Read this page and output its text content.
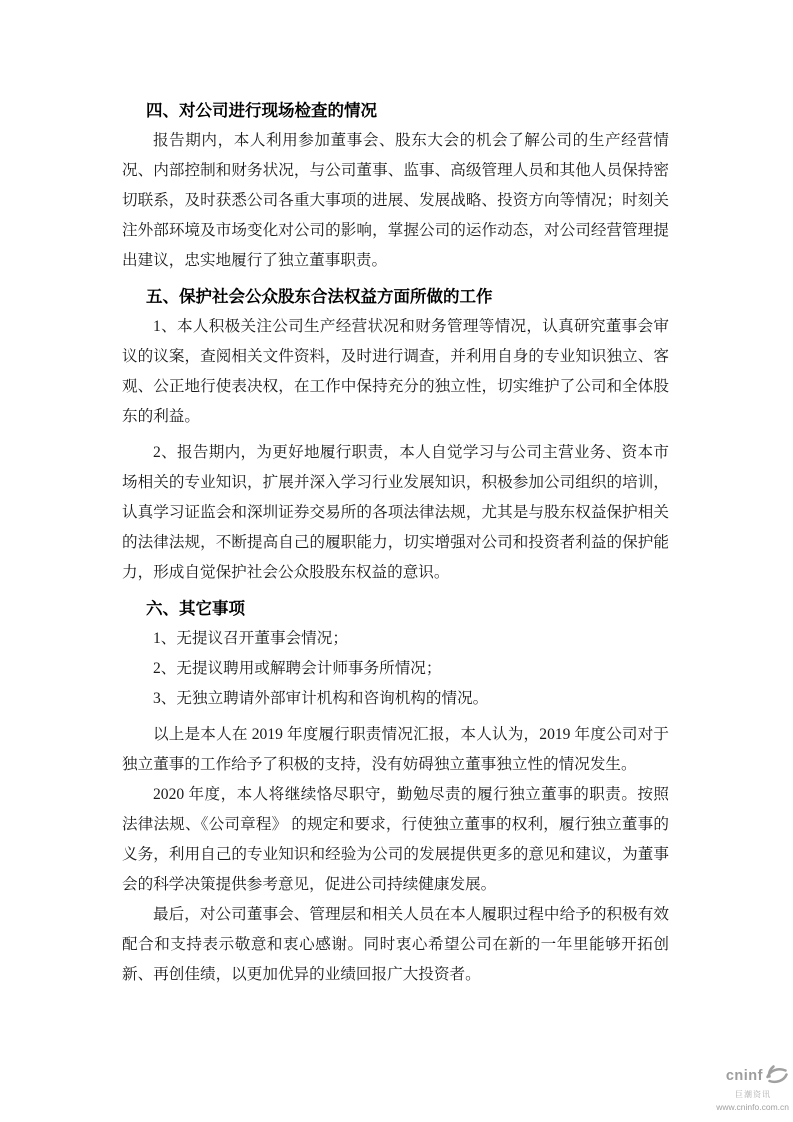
四、对公司进行现场检查的情况

报告期内，本人利用参加董事会、股东大会的机会了解公司的生产经营情况、内部控制和财务状况，与公司董事、监事、高级管理人员和其他人员保持密切联系，及时获悉公司各重大事项的进展、发展战略、投资方向等情况；时刻关注外部环境及市场变化对公司的影响，掌握公司的运作动态，对公司经营管理提出建议，忠实地履行了独立董事职责。

五、保护社会公众股东合法权益方面所做的工作

1、本人积极关注公司生产经营状况和财务管理等情况，认真研究董事会审议的议案，查阅相关文件资料，及时进行调查，并利用自身的专业知识独立、客观、公正地行使表决权，在工作中保持充分的独立性，切实维护了公司和全体股东的利益。

2、报告期内，为更好地履行职责，本人自觉学习与公司主营业务、资本市场相关的专业知识，扩展并深入学习行业发展知识，积极参加公司组织的培训，认真学习证监会和深圳证券交易所的各项法律法规，尤其是与股东权益保护相关的法律法规，不断提高自己的履职能力，切实增强对公司和投资者利益的保护能力，形成自觉保护社会公众股股东权益的意识。

六、其它事项

1、无提议召开董事会情况；

2、无提议聘用或解聘会计师事务所情况；

3、无独立聘请外部审计机构和咨询机构的情况。

以上是本人在 2019 年度履行职责情况汇报，本人认为，2019 年度公司对于独立董事的工作给予了积极的支持，没有妨碍独立董事独立性的情况发生。

2020 年度，本人将继续恪尽职守，勤勉尽责的履行独立董事的职责。按照法律法规、《公司章程》 的规定和要求，行使独立董事的权利，履行独立董事的义务，利用自己的专业知识和经验为公司的发展提供更多的意见和建议，为董事会的科学决策提供参考意见，促进公司持续健康发展。

最后，对公司董事会、管理层和相关人员在本人履职过程中给予的积极有效配合和支持表示敬意和衷心感谢。同时衷心希望公司在新的一年里能够开拓创新、再创佳绩，以更加优异的业绩回报广大投资者。

cninf
巨潮资讯
www.cninfo.com.cn
